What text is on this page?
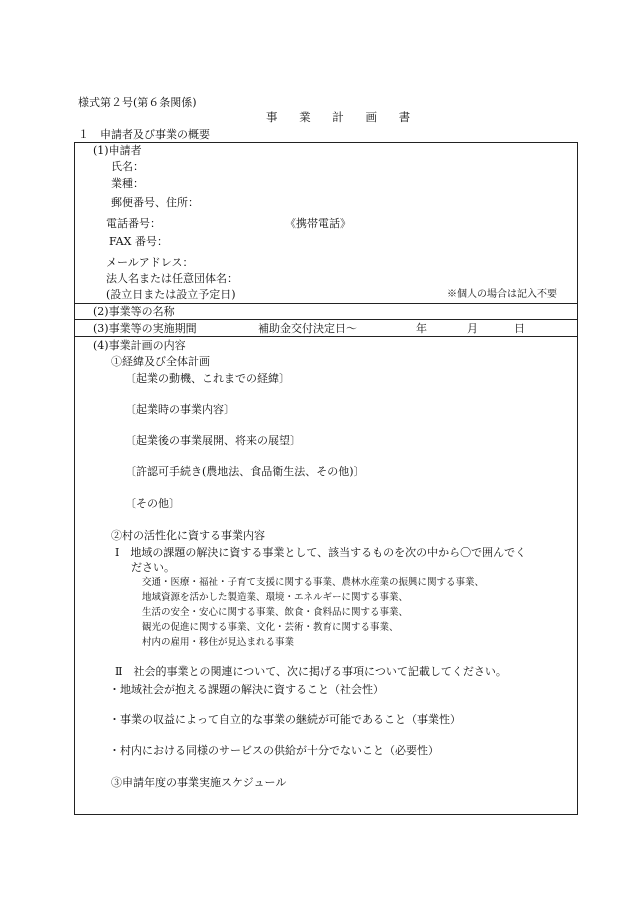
様式第２号(第６条関係)
事 業 計 画 書
１　申請者及び事業の概要
(1)申請者
氏名：
業種：
郵便番号、住所：
電話番号：	《携帯電話》
FAX 番号：
メールアドレス：
法人名または任意団体名：
(設立日または設立予定日)	※個人の場合は記入不要
(2)事業等の名称
(3)事業等の実施期間	補助金交付決定日～	年	月	日
(4)事業計画の内容
①経緯及び全体計画
〔起業の動機、これまでの経緯〕
〔起業時の事業内容〕
〔起業後の事業展開、将来の展望〕
〔許認可手続き(農地法、食品衛生法、その他)〕
〔その他〕
②村の活性化に資する事業内容
Ⅰ　地域の課題の解決に資する事業として、該当するものを次の中から〇で囲んでく
ださい。
交通・医療・福祉・子育て支援に関する事業、農林水産業の振興に関する事業、
地域資源を活かした製造業、環境・エネルギーに関する事業、
生活の安全・安心に関する事業、飲食・食料品に関する事業、
観光の促進に関する事業、文化・芸術・教育に関する事業、
村内の雇用・移住が見込まれる事業
Ⅱ　社会的事業との関連について、次に掲げる事項について記載してください。
・地域社会が抱える課題の解決に資すること（社会性）
・事業の収益によって自立的な事業の継続が可能であること（事業性）
・村内における同様のサービスの供給が十分でないこと（必要性）
③申請年度の事業実施スケジュール
